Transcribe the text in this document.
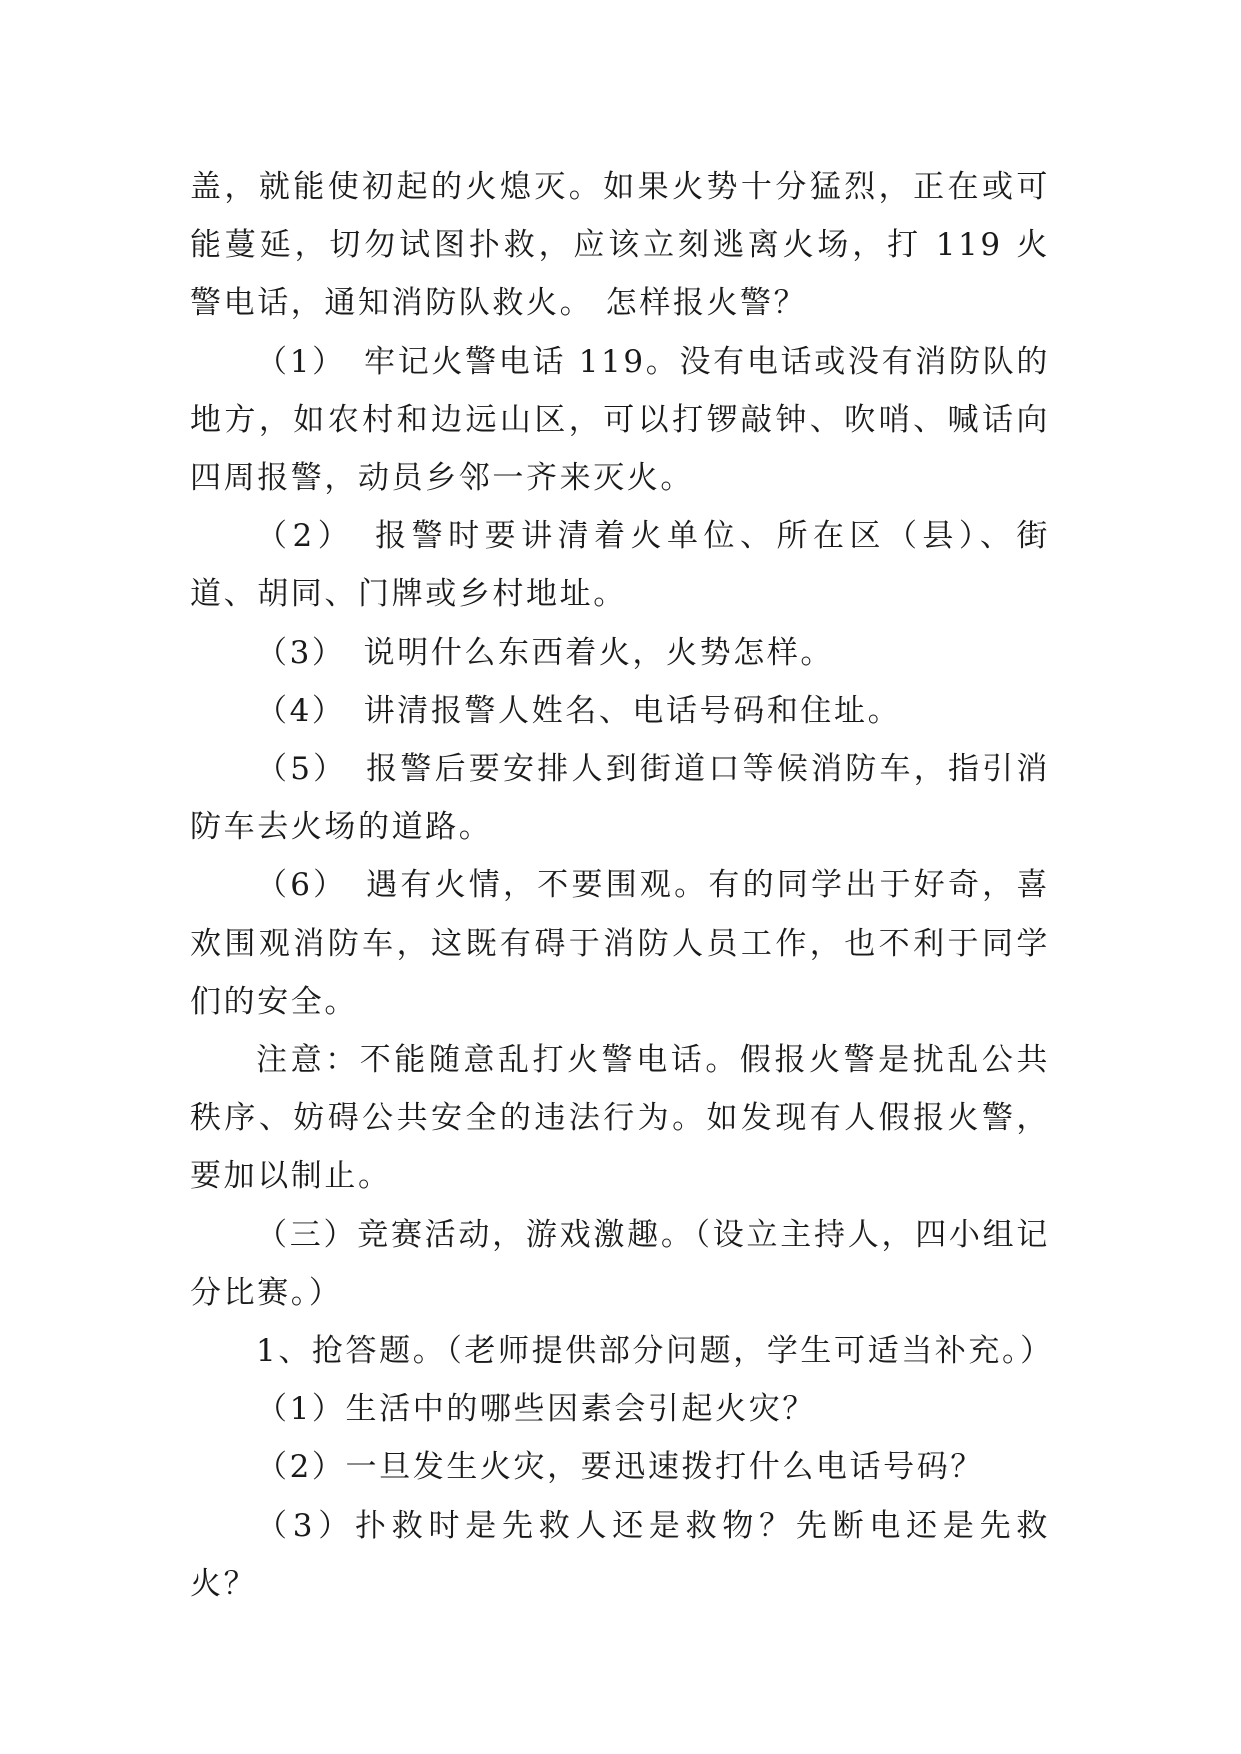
盖，就能使初起的火熄灭。如果火势十分猛烈，正在或可能蔓延，切勿试图扑救，应该立刻逃离火场，打 119 火警电话，通知消防队救火。 怎样报火警？

（1）　牢记火警电话 119。没有电话或没有消防队的地方，如农村和边远山区，可以打锣敲钟、吹哨、喊话向四周报警，动员乡邻一齐来灭火。

（2）　报警时要讲清着火单位、所在区（县）、街道、胡同、门牌或乡村地址。

（3）　说明什么东西着火，火势怎样。

（4）　讲清报警人姓名、电话号码和住址。

（5）　报警后要安排人到街道口等候消防车，指引消防车去火场的道路。

（6）　遇有火情，不要围观。有的同学出于好奇，喜欢围观消防车，这既有碍于消防人员工作，也不利于同学们的安全。

注意：不能随意乱打火警电话。假报火警是扰乱公共秩序、妨碍公共安全的违法行为。如发现有人假报火警，要加以制止。

（三）竞赛活动，游戏激趣。（设立主持人，四小组记分比赛。）

1、抢答题。（老师提供部分问题，学生可适当补充。）

（1）生活中的哪些因素会引起火灾？

（2）一旦发生火灾，要迅速拨打什么电话号码？

（3）扑救时是先救人还是救物？先断电还是先救火？
